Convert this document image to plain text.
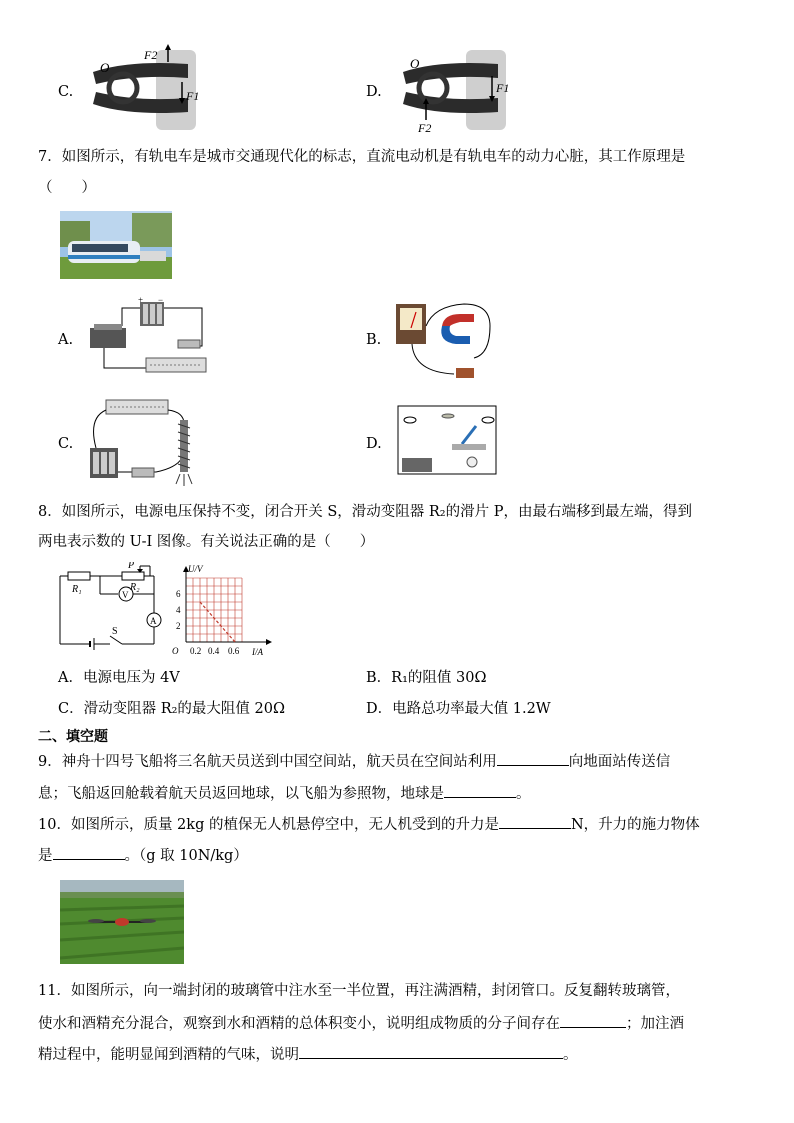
C.
O
F2
F1	D.
O
F1
F2
7．如图所示，有轨电车是城市交通现代化的标志，直流电动机是有轨电车的动力心脏，其工作原理是
（　　）
A.
+ −
B.
C.	D.
8．如图所示，电源电压保持不变，闭合开关 S，滑动变阻器 R₂的滑片 P，由最右端移到最左端，得到
两电表示数的 U-I 图像。有关说法正确的是（　　）
R₁
P
R₂
V
A
S
U/V
I/A
O
6
4
2
0.2 0.4 0.6
A．电源电压为 4V	B．R₁的阻值 30Ω
C．滑动变阻器 R₂的最大阻值 20Ω	D．电路总功率最大值 1.2W
二、填空题
9．神舟十四号飞船将三名航天员送到中国空间站，航天员在空间站利用	向地面站传送信
息；飞船返回舱载着航天员返回地球，以飞船为参照物，地球是	。
10．如图所示，质量 2kg 的植保无人机悬停空中，无人机受到的升力是	N，升力的施力物体
是	。（g 取 10N/kg）
11．如图所示，向一端封闭的玻璃管中注水至一半位置，再注满酒精，封闭管口。反复翻转玻璃管，
使水和酒精充分混合，观察到水和酒精的总体积变小，说明组成物质的分子间存在	；加注酒
精过程中，能明显闻到酒精的气味，说明	。
